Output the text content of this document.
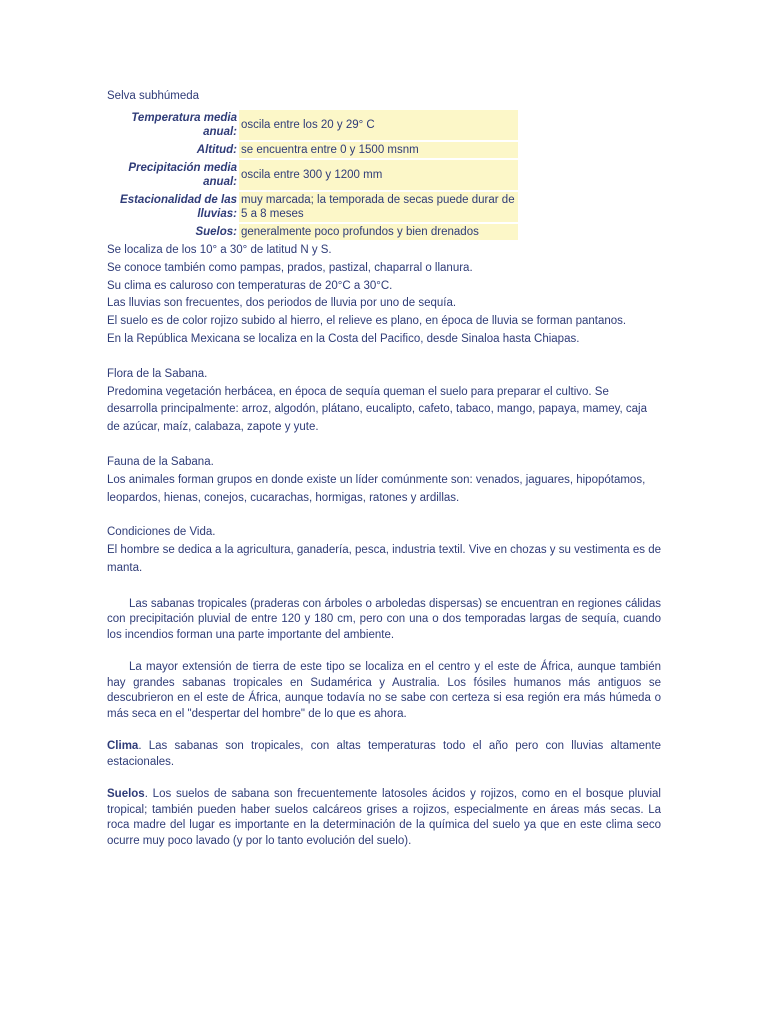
Selva subhúmeda
Temperatura media anual:	oscila entre los 20 y 29° C
Altitud:	se encuentra entre 0 y 1500 msnm
Precipitación media anual:	oscila entre 300 y 1200 mm
Estacionalidad de las lluvias:	muy marcada; la temporada de secas puede durar de 5 a 8 meses
Suelos:	generalmente poco profundos y bien drenados

Se localiza de los 10° a 30° de latitud N y S.

Se conoce también como pampas, prados, pastizal, chaparral o llanura.

Su clima es caluroso con temperaturas de 20°C a 30°C.

Las lluvias son frecuentes, dos periodos de lluvia por uno de sequía.

El suelo es de color rojizo subido al hierro, el relieve es plano, en época de lluvia se forman pantanos.

En la República Mexicana se localiza en la Costa del Pacifico, desde Sinaloa hasta Chiapas.

Flora de la Sabana.

Predomina vegetación herbácea, en época de sequía queman el suelo para preparar el cultivo. Se desarrolla principalmente: arroz, algodón, plátano, eucalipto, cafeto, tabaco, mango, papaya, mamey, caja de azúcar, maíz, calabaza, zapote y yute.

Fauna de la Sabana.

Los animales forman grupos en donde existe un líder comúnmente son: venados, jaguares, hipopótamos, leopardos, hienas, conejos, cucarachas, hormigas, ratones y ardillas.

Condiciones de Vida.

El hombre se dedica a la agricultura, ganadería, pesca, industria textil. Vive en chozas y su vestimenta es de manta.

Las sabanas tropicales (praderas con árboles o arboledas dispersas) se encuentran en regiones cálidas con precipitación pluvial de entre 120 y 180 cm, pero con una o dos temporadas largas de sequía, cuando los incendios forman una parte importante del ambiente.

La mayor extensión de tierra de este tipo se localiza en el centro y el este de África, aunque también hay grandes sabanas tropicales en Sudamérica y Australia. Los fósiles humanos más antiguos se descubrieron en el este de África, aunque todavía no se sabe con certeza si esa región era más húmeda o más seca en el "despertar del hombre" de lo que es ahora.

Clima. Las sabanas son tropicales, con altas temperaturas todo el año pero con lluvias altamente estacionales.

Suelos. Los suelos de sabana son frecuentemente latosoles ácidos y rojizos, como en el bosque pluvial tropical; también pueden haber suelos calcáreos grises a rojizos, especialmente en áreas más secas. La roca madre del lugar es importante en la determinación de la química del suelo ya que en este clima seco ocurre muy poco lavado (y por lo tanto evolución del suelo).
